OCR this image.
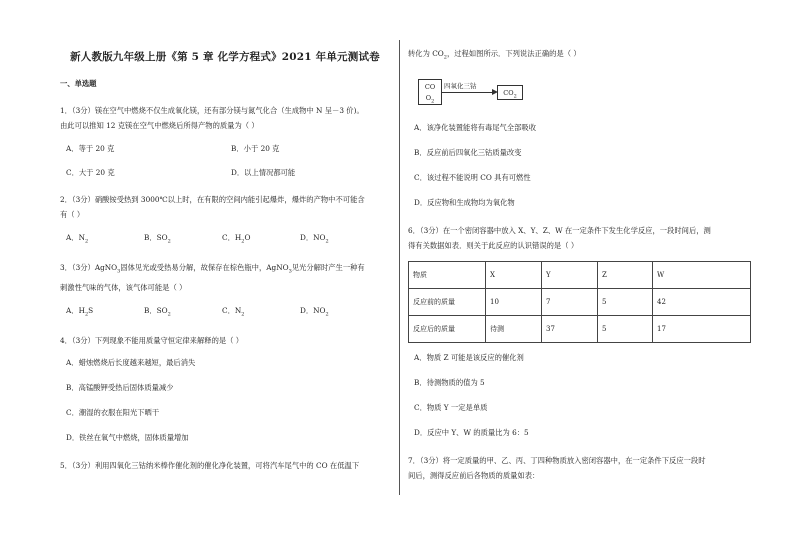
新人教版九年级上册《第 5 章 化学方程式》2021 年单元测试卷
一、单选题

1．（3分）镁在空气中燃烧不仅生成氧化镁，还有部分镁与氮气化合（生成物中 N 呈－3 价)。

由此可以推知 12 克镁在空气中燃烧后所得产物的质量为（ ）

A．等于 20 克	B．小于 20 克
C．大于 20 克	D．以上情况都可能

2．（3分）硝酸铵受热到 3000℃以上时，在有限的空间内能引起爆炸，爆炸的产物中不可能含

有（ ）

A．$N_2$	B．$SO_2$	C．$H_2O$	D．$NO_2$

3．（3分）AgNO$_3$固体见光或受热易分解，故保存在棕色瓶中，AgNO$_3$见光分解时产生一种有

刺激性气味的气体，该气体可能是（ ）

A．$H_2S$	B．$SO_2$	C．$N_2$	D．$NO_2$

4．（3分）下列现象不能用质量守恒定律来解释的是（ ）

A．蜡烛燃烧后长度越来越短，最后消失
B．高锰酸钾受热后固体质量减少
C．潮湿的衣服在阳光下晒干
D．铁丝在氧气中燃烧，固体质量增加

5．（3分）利用四氧化三钴纳米棒作催化剂的催化净化装置，可将汽车尾气中的 CO 在低温下

转化为 $CO_2$，过程如图所示．下列说法正确的是（ ）

CO
$O_2$
四氧化三钴
$CO_2$
A．该净化装置能将有毒尾气全部吸收
B．反应前后四氧化三钴质量改变
C．该过程不能说明 CO 具有可燃性
D．反应物和生成物均为氧化物

6．（3分）在一个密闭容器中放入 X、Y、Z、W 在一定条件下发生化学反应，一段时间后，测

得有关数据如表．则关于此反应的认识错误的是（ ）

物质	X	Y	Z	W
反应前的质量	10	7	5	42
反应后的质量	待测	37	5	17
A．物质 Z 可能是该反应的催化剂
B．待测物质的值为 5
C．物质 Y 一定是单质
D．反应中 Y、W 的质量比为 6：5

7．（3分）将一定质量的甲、乙、丙、丁四种物质放入密闭容器中，在一定条件下反应一段时

间后，测得反应前后各物质的质量如表：
